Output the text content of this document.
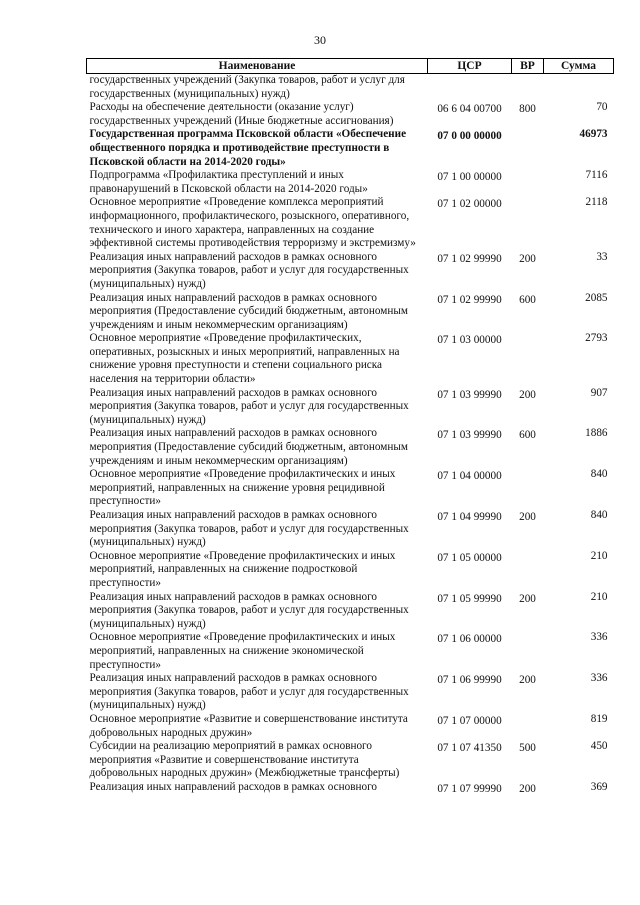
30
Наименование	ЦСР	ВР	Сумма
государственных учреждений (Закупка товаров, работ и услуг для государственных (муниципальных) нужд)			
Расходы на обеспечение деятельности (оказание услуг) государственных учреждений (Иные бюджетные ассигнования)	06 6 04 00700	800	70
Государственная программа Псковской области «Обеспечение общественного порядка и противодействие преступности в Псковской области на 2014-2020 годы»	07 0 00 00000		46973
Подпрограмма «Профилактика преступлений и иных правонарушений в Псковской области на 2014-2020 годы»	07 1 00 00000		7116
Основное мероприятие «Проведение комплекса мероприятий информационного, профилактического, розыскного, оперативного, технического и иного характера, направленных на создание эффективной системы противодействия терроризму и экстремизму»	07 1 02 00000		2118
Реализация иных направлений расходов в рамках основного мероприятия (Закупка товаров, работ и услуг для государственных (муниципальных) нужд)	07 1 02 99990	200	33
Реализация иных направлений расходов в рамках основного мероприятия (Предоставление субсидий бюджетным, автономным учреждениям и иным некоммерческим организациям)	07 1 02 99990	600	2085
Основное мероприятие «Проведение профилактических, оперативных, розыскных и иных мероприятий, направленных на снижение уровня преступности и степени социального риска населения на территории области»	07 1 03 00000		2793
Реализация иных направлений расходов в рамках основного мероприятия (Закупка товаров, работ и услуг для государственных (муниципальных) нужд)	07 1 03 99990	200	907
Реализация иных направлений расходов в рамках основного мероприятия (Предоставление субсидий бюджетным, автономным учреждениям и иным некоммерческим организациям)	07 1 03 99990	600	1886
Основное мероприятие «Проведение профилактических и иных мероприятий, направленных на снижение уровня рецидивной преступности»	07 1 04 00000		840
Реализация иных направлений расходов в рамках основного мероприятия (Закупка товаров, работ и услуг для государственных (муниципальных) нужд)	07 1 04 99990	200	840
Основное мероприятие «Проведение профилактических и иных мероприятий, направленных на снижение подростковой преступности»	07 1 05 00000		210
Реализация иных направлений расходов в рамках основного мероприятия (Закупка товаров, работ и услуг для государственных (муниципальных) нужд)	07 1 05 99990	200	210
Основное мероприятие «Проведение профилактических и иных мероприятий, направленных на снижение экономической преступности»	07 1 06 00000		336
Реализация иных направлений расходов в рамках основного мероприятия (Закупка товаров, работ и услуг для государственных (муниципальных) нужд)	07 1 06 99990	200	336
Основное мероприятие «Развитие и совершенствование института добровольных народных дружин»	07 1 07 00000		819
Субсидии на реализацию мероприятий в рамках основного мероприятия «Развитие и совершенствование института добровольных народных дружин» (Межбюджетные трансферты)	07 1 07 41350	500	450
Реализация иных направлений расходов в рамках основного	07 1 07 99990	200	369
